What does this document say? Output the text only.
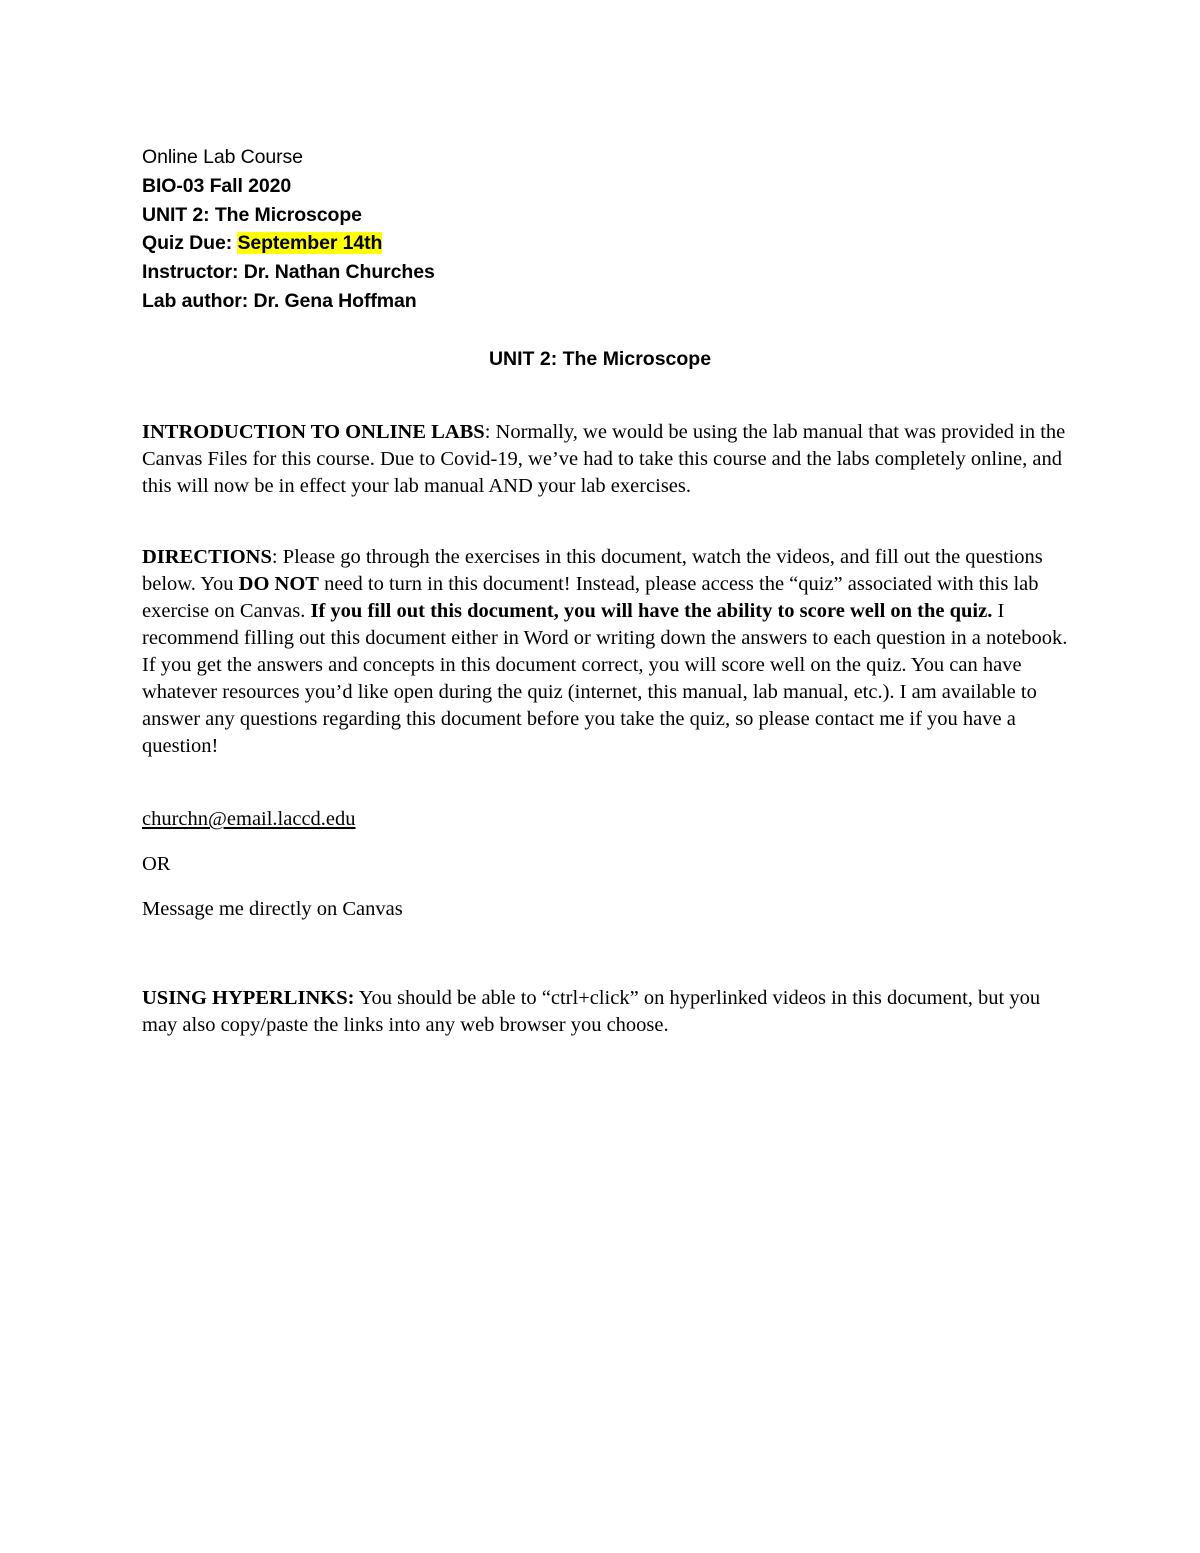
Online Lab Course
BIO-03 Fall 2020
UNIT 2: The Microscope
Quiz Due: September 14th
Instructor: Dr. Nathan Churches
Lab author: Dr. Gena Hoffman
UNIT 2: The Microscope

INTRODUCTION TO ONLINE LABS: Normally, we would be using the lab manual that was provided in the Canvas Files for this course. Due to Covid-19, we’ve had to take this course and the labs completely online, and this will now be in effect your lab manual AND your lab exercises.

DIRECTIONS: Please go through the exercises in this document, watch the videos, and fill out the questions below. You DO NOT need to turn in this document! Instead, please access the “quiz” associated with this lab exercise on Canvas. If you fill out this document, you will have the ability to score well on the quiz. I recommend filling out this document either in Word or writing down the answers to each question in a notebook. If you get the answers and concepts in this document correct, you will score well on the quiz. You can have whatever resources you’d like open during the quiz (internet, this manual, lab manual, etc.). I am available to answer any questions regarding this document before you take the quiz, so please contact me if you have a question!

churchn@email.laccd.edu

OR

Message me directly on Canvas

USING HYPERLINKS: You should be able to “ctrl+click” on hyperlinked videos in this document, but you may also copy/paste the links into any web browser you choose.
